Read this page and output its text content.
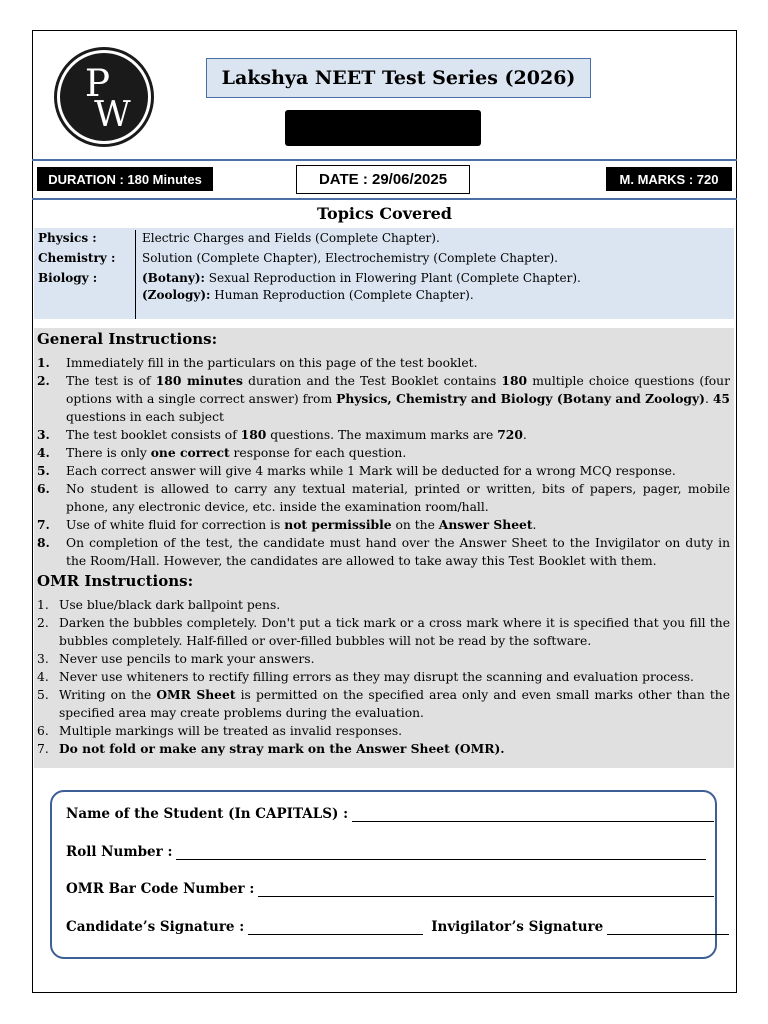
P
W
Lakshya NEET Test Series (2026)
DURATION : 180 Minutes	DATE : 29/06/2025	M. MARKS : 720
Topics Covered
Physics :	Electric Charges and Fields (Complete Chapter).
Chemistry : Solution (Complete Chapter), Electrochemistry (Complete Chapter).
Biology :	(Botany): Sexual Reproduction in Flowering Plant (Complete Chapter).
(Zoology): Human Reproduction (Complete Chapter).
General Instructions:
1. Immediately fill in the particulars on this page of the test booklet.
2. The test is of 180 minutes duration and the Test Booklet contains 180 multiple choice questions (four options with a single correct answer) from Physics, Chemistry and Biology (Botany and Zoology). 45 questions in each subject
3. The test booklet consists of 180 questions. The maximum marks are 720.
4. There is only one correct response for each question.
5. Each correct answer will give 4 marks while 1 Mark will be deducted for a wrong MCQ response.
6. No student is allowed to carry any textual material, printed or written, bits of papers, pager, mobile phone, any electronic device, etc. inside the examination room/hall.
7. Use of white fluid for correction is not permissible on the Answer Sheet.
8. On completion of the test, the candidate must hand over the Answer Sheet to the Invigilator on duty in the Room/Hall. However, the candidates are allowed to take away this Test Booklet with them.
OMR Instructions:
1. Use blue/black dark ballpoint pens.
2. Darken the bubbles completely. Don't put a tick mark or a cross mark where it is specified that you fill the bubbles completely. Half-filled or over-filled bubbles will not be read by the software.
3. Never use pencils to mark your answers.
4. Never use whiteners to rectify filling errors as they may disrupt the scanning and evaluation process.
5. Writing on the OMR Sheet is permitted on the specified area only and even small marks other than the specified area may create problems during the evaluation.
6. Multiple markings will be treated as invalid responses.
7. Do not fold or make any stray mark on the Answer Sheet (OMR).
Name of the Student (In CAPITALS) :
Roll Number :
OMR Bar Code Number :
Candidate’s Signature :	Invigilator’s Signature
